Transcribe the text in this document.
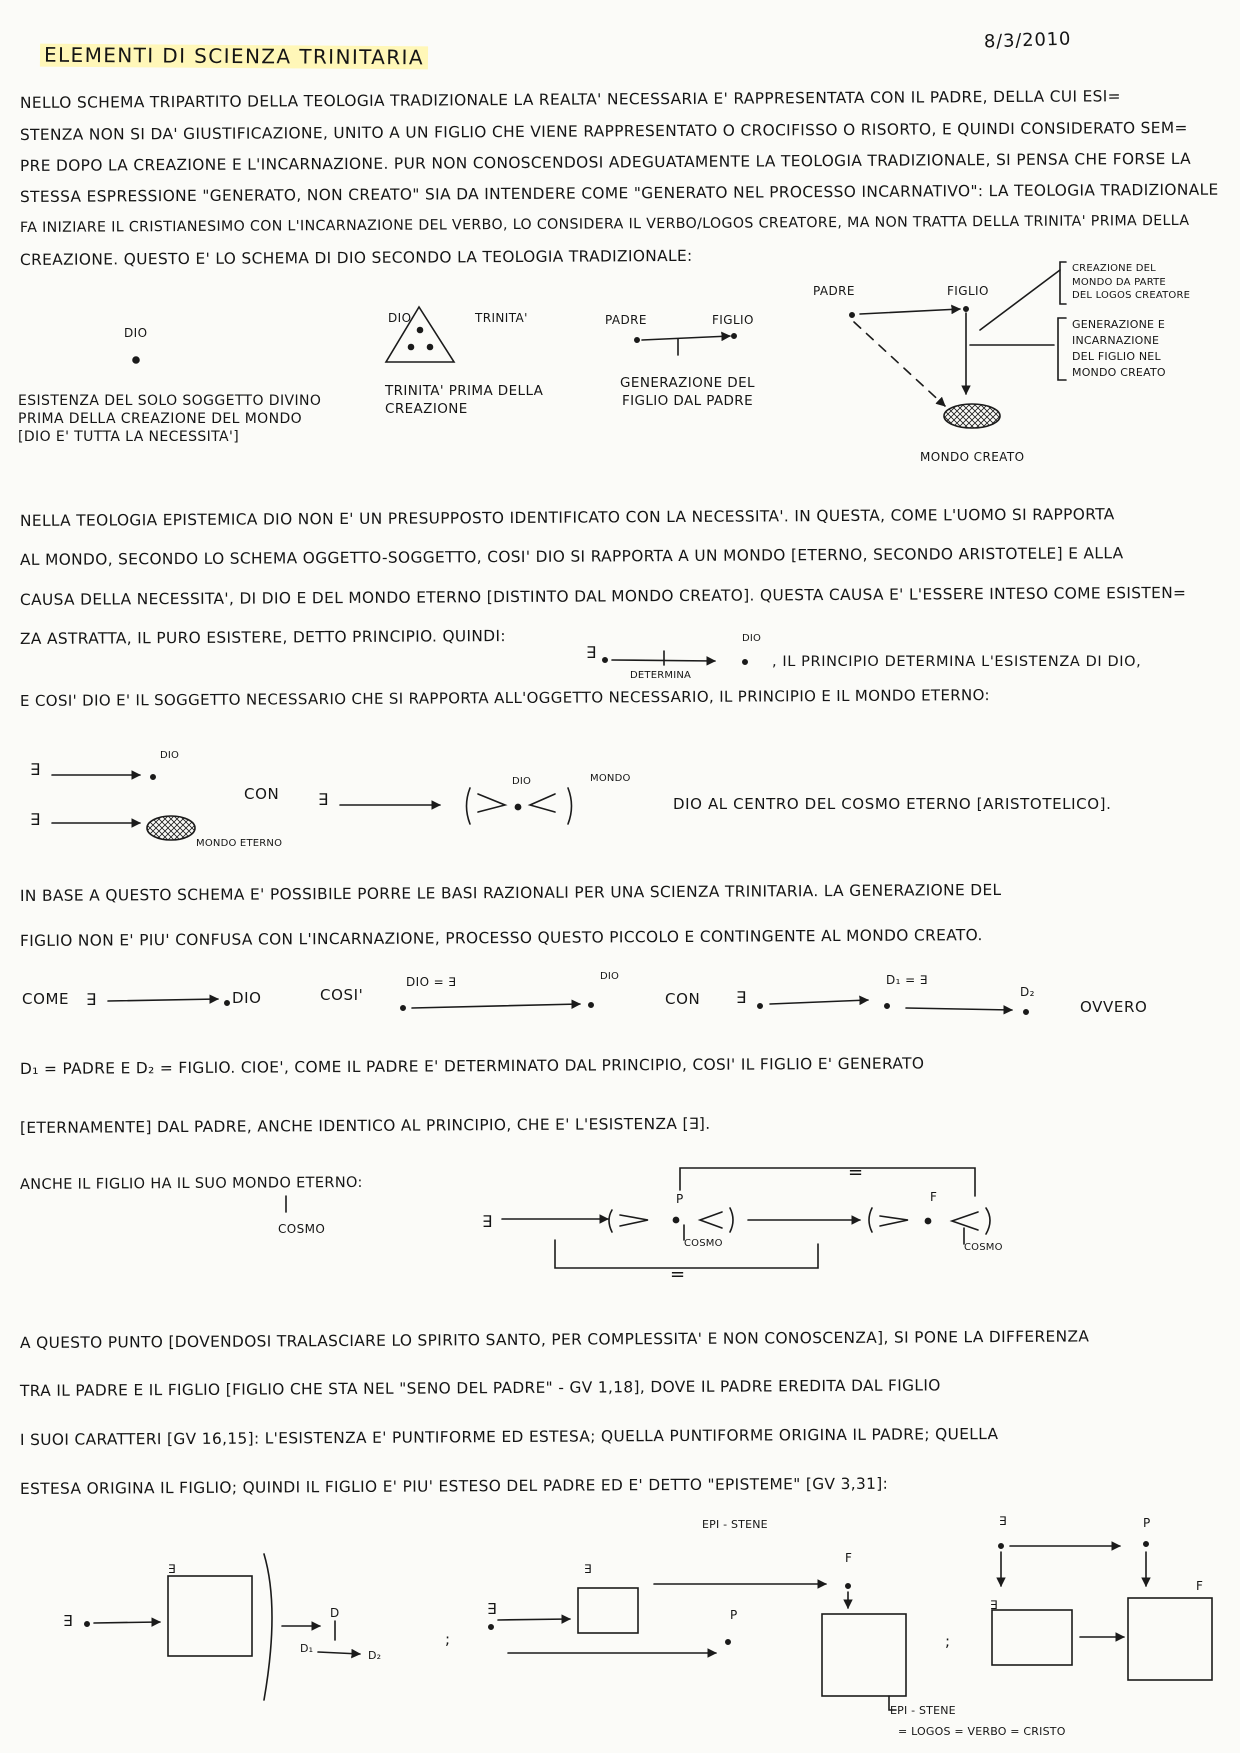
ELEMENTI DI SCIENZA TRINITARIA
8/3/2010
NELLO SCHEMA TRIPARTITO DELLA TEOLOGIA TRADIZIONALE LA REALTA' NECESSARIA E' RAPPRESENTATA CON IL PADRE, DELLA CUI ESI=
STENZA NON SI DA' GIUSTIFICAZIONE, UNITO A UN FIGLIO CHE VIENE RAPPRESENTATO O CROCIFISSO O RISORTO, E QUINDI CONSIDERATO SEM=
PRE DOPO LA CREAZIONE E L'INCARNAZIONE. PUR NON CONOSCENDOSI ADEGUATAMENTE LA TEOLOGIA TRADIZIONALE, SI PENSA CHE FORSE LA
STESSA ESPRESSIONE "GENERATO, NON CREATO" SIA DA INTENDERE COME "GENERATO NEL PROCESSO INCARNATIVO": LA TEOLOGIA TRADIZIONALE
FA INIZIARE IL CRISTIANESIMO CON L'INCARNAZIONE DEL VERBO, LO CONSIDERA IL VERBO/LOGOS CREATORE, MA NON TRATTA DELLA TRINITA' PRIMA DELLA
CREAZIONE. QUESTO E' LO SCHEMA DI DIO SECONDO LA TEOLOGIA TRADIZIONALE:
DIO
ESISTENZA DEL SOLO SOGGETTO DIVINO
PRIMA DELLA CREAZIONE DEL MONDO
[DIO E' TUTTA LA NECESSITA']
DIO	TRINITA'
TRINITA' PRIMA DELLA
CREAZIONE
PADRE	FIGLIO
GENERAZIONE DEL
FIGLIO DAL PADRE
PADRE	FIGLIO
MONDO CREATO
CREAZIONE DEL
MONDO DA PARTE
DEL LOGOS CREATORE
GENERAZIONE E
INCARNAZIONE
DEL FIGLIO NEL
MONDO CREATO
NELLA TEOLOGIA EPISTEMICA DIO NON E' UN PRESUPPOSTO IDENTIFICATO CON LA NECESSITA'. IN QUESTA, COME L'UOMO SI RAPPORTA
AL MONDO, SECONDO LO SCHEMA OGGETTO-SOGGETTO, COSI' DIO SI RAPPORTA A UN MONDO [ETERNO, SECONDO ARISTOTELE] E ALLA
CAUSA DELLA NECESSITA', DI DIO E DEL MONDO ETERNO [DISTINTO DAL MONDO CREATO]. QUESTA CAUSA E' L'ESSERE INTESO COME ESISTEN=
ZA ASTRATTA, IL PURO ESISTERE, DETTO PRINCIPIO. QUINDI:
∃
DETERMINA
DIO
, IL PRINCIPIO DETERMINA L'ESISTENZA DI DIO,
E COSI' DIO E' IL SOGGETTO NECESSARIO CHE SI RAPPORTA ALL'OGGETTO NECESSARIO, IL PRINCIPIO E IL MONDO ETERNO:
∃
DIO
∃
MONDO ETERNO
CON ∃
DIO	MONDO
DIO AL CENTRO DEL COSMO ETERNO [ARISTOTELICO].
IN BASE A QUESTO SCHEMA E' POSSIBILE PORRE LE BASI RAZIONALI PER UNA SCIENZA TRINITARIA. LA GENERAZIONE DEL
FIGLIO NON E' PIU' CONFUSA CON L'INCARNAZIONE, PROCESSO QUESTO PICCOLO E CONTINGENTE AL MONDO CREATO.
COME ∃	DIO	COSI'
DIO = ∃	DIO
CON ∃
D₁ = ∃
D₂
OVVERO
D₁ = PADRE E D₂ = FIGLIO. CIOE', COME IL PADRE E' DETERMINATO DAL PRINCIPIO, COSI' IL FIGLIO E' GENERATO
[ETERNAMENTE] DAL PADRE, ANCHE IDENTICO AL PRINCIPIO, CHE E' L'ESISTENZA [∃].
ANCHE IL FIGLIO HA IL SUO MONDO ETERNO:
COSMO	∃
P	F
=
=
COSMO	COSMO
A QUESTO PUNTO [DOVENDOSI TRALASCIARE LO SPIRITO SANTO, PER COMPLESSITA' E NON CONOSCENZA], SI PONE LA DIFFERENZA
TRA IL PADRE E IL FIGLIO [FIGLIO CHE STA NEL "SENO DEL PADRE" - GV 1,18], DOVE IL PADRE EREDITA DAL FIGLIO
I SUOI CARATTERI [GV 16,15]: L'ESISTENZA E' PUNTIFORME ED ESTESA; QUELLA PUNTIFORME ORIGINA IL PADRE; QUELLA
ESTESA ORIGINA IL FIGLIO; QUINDI IL FIGLIO E' PIU' ESTESO DEL PADRE ED E' DETTO "EPISTEME" [GV 3,31]:
EPI - STENE
∃
∃	D
D₁
D₂
;
∃
∃
F
P
;
∃	P
∃
F
EPI - STENE
= LOGOS = VERBO = CRISTO
